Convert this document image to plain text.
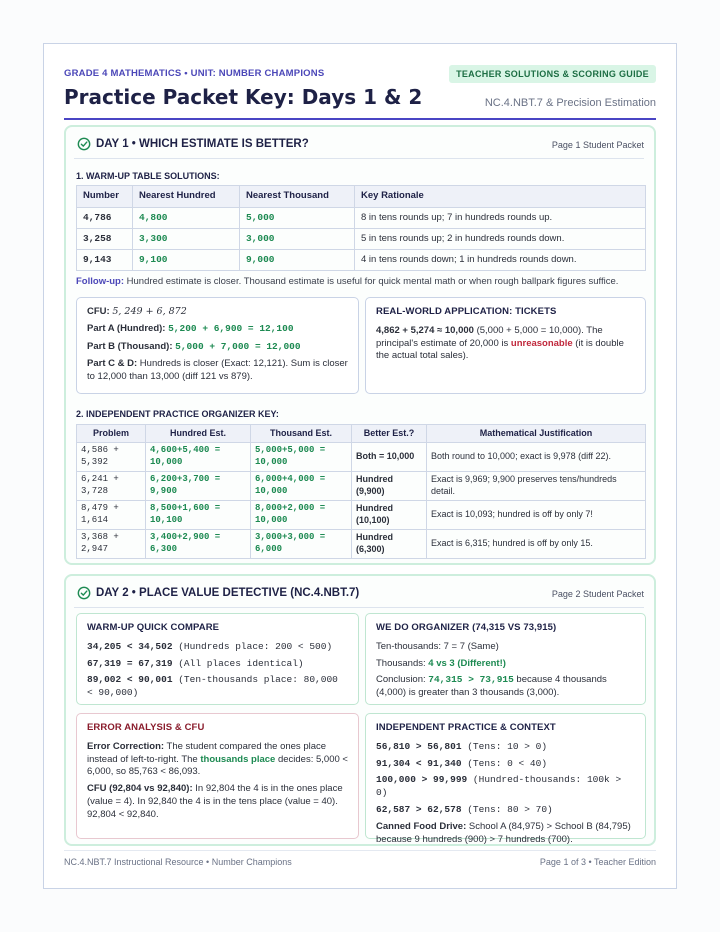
GRADE 4 MATHEMATICS • UNIT: NUMBER CHAMPIONS	TEACHER SOLUTIONS & SCORING GUIDE
Practice Packet Key: Days 1 & 2	NC.4.NBT.7 & Precision Estimation
DAY 1 • WHICH ESTIMATE IS BETTER?	Page 1 Student Packet
1. WARM-UP TABLE SOLUTIONS:
Number	Nearest Hundred	Nearest Thousand	Key Rationale
4,786	4,800	5,000	8 in tens rounds up; 7 in hundreds rounds up.
3,258	3,300	3,000	5 in tens rounds up; 2 in hundreds rounds down.
9,143	9,100	9,000	4 in tens rounds down; 1 in hundreds rounds down.
Follow-up: Hundred estimate is closer. Thousand estimate is useful for quick mental math or when rough ballpark figures suffice.

CFU: 5, 249 + 6, 872

Part A (Hundred): 5,200 + 6,900 = 12,100

Part B (Thousand): 5,000 + 7,000 = 12,000

Part C & D: Hundreds is closer (Exact: 12,121). Sum is closer to 12,000 than 13,000 (diff 121 vs 879).

REAL-WORLD APPLICATION: TICKETS

4,862 + 5,274 ≈ 10,000 (5,000 + 5,000 = 10,000). The principal's estimate of 20,000 is unreasonable (it is double the actual total sales).

2. INDEPENDENT PRACTICE ORGANIZER KEY:
Problem	Hundred Est.	Thousand Est.	Better Est.?	Mathematical Justification
4,586 + 5,392	4,600+5,400 = 10,000	5,000+5,000 = 10,000	Both = 10,000	Both round to 10,000; exact is 9,978 (diff 22).
6,241 + 3,728	6,200+3,700 = 9,900	6,000+4,000 = 10,000	Hundred (9,900)	Exact is 9,969; 9,900 preserves tens/hundreds detail.
8,479 + 1,614	8,500+1,600 = 10,100	8,000+2,000 = 10,000	Hundred (10,100)	Exact is 10,093; hundred is off by only 7!
3,368 + 2,947	3,400+2,900 = 6,300	3,000+3,000 = 6,000	Hundred (6,300)	Exact is 6,315; hundred is off by only 15.
DAY 2 • PLACE VALUE DETECTIVE (NC.4.NBT.7)	Page 2 Student Packet
WARM-UP QUICK COMPARE

34,205 < 34,502 (Hundreds place: 200 < 500)

67,319 = 67,319 (All places identical)

89,002 < 90,001 (Ten-thousands place: 80,000 < 90,000)

WE DO ORGANIZER (74,315 VS 73,915)

Ten-thousands: 7 = 7 (Same)

Thousands: 4 vs 3 (Different!)

Conclusion: 74,315 > 73,915 because 4 thousands (4,000) is greater than 3 thousands (3,000).

ERROR ANALYSIS & CFU

Error Correction: The student compared the ones place instead of left-to-right. The thousands place decides: 5,000 < 6,000, so 85,763 < 86,093.

CFU (92,804 vs 92,840): In 92,804 the 4 is in the ones place (value = 4). In 92,840 the 4 is in the tens place (value = 40). 92,804 < 92,840.

INDEPENDENT PRACTICE & CONTEXT

56,810 > 56,801 (Tens: 10 > 0)

91,304 < 91,340 (Tens: 0 < 40)

100,000 > 99,999 (Hundred-thousands: 100k > 0)

62,587 > 62,578 (Tens: 80 > 70)

Canned Food Drive: School A (84,975) > School B (84,795) because 9 hundreds (900) > 7 hundreds (700).

NC.4.NBT.7 Instructional Resource • Number Champions	Page 1 of 3 • Teacher Edition
